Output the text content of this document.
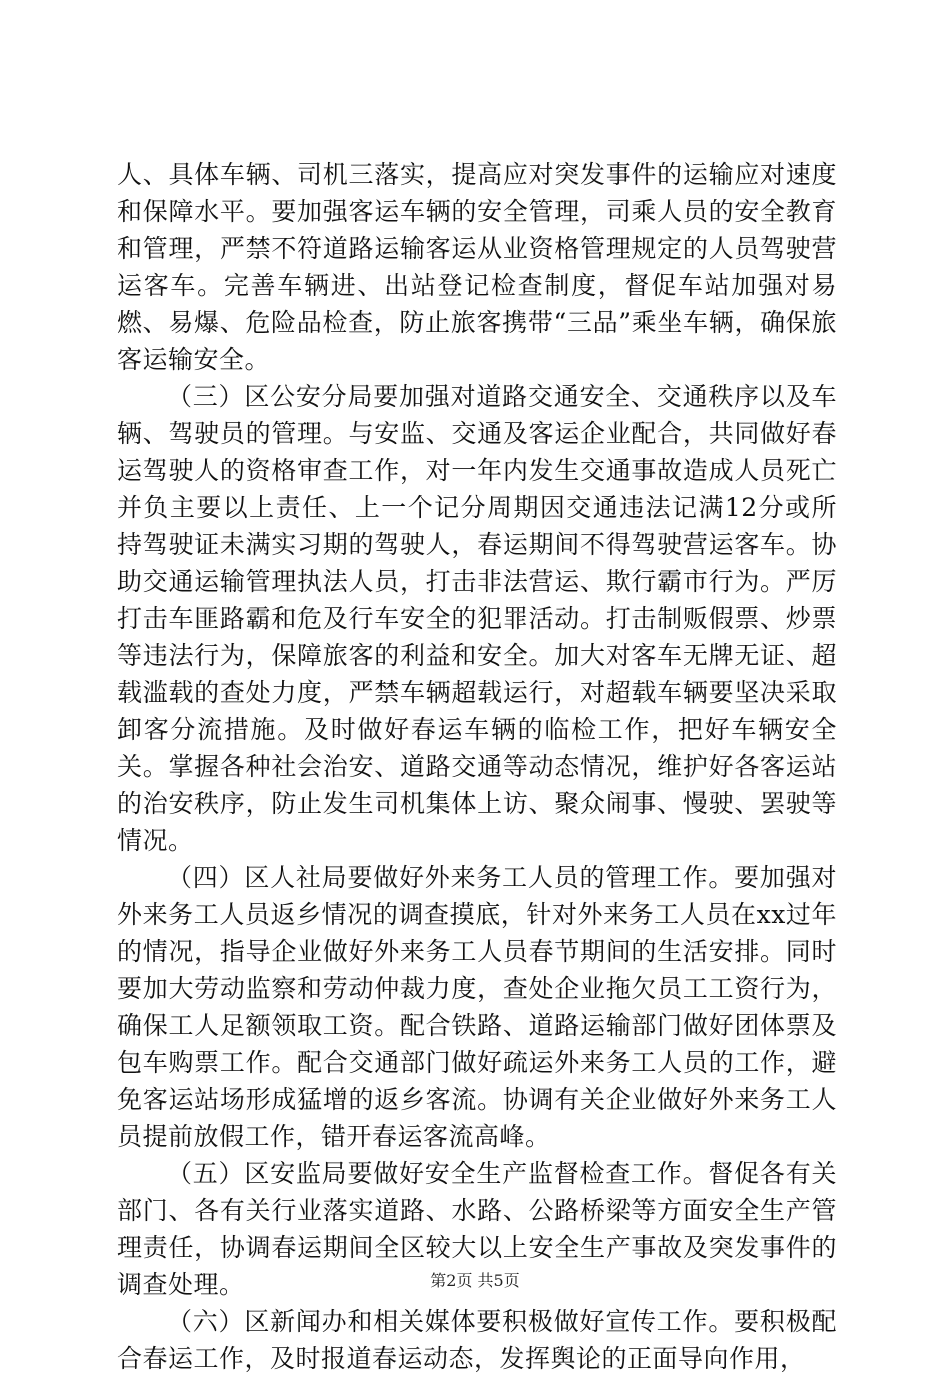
人、具体车辆、司机三落实，提高应对突发事件的运输应对速度和保障水平。要加强客运车辆的安全管理，司乘人员的安全教育和管理，严禁不符道路运输客运从业资格管理规定的人员驾驶营运客车。完善车辆进、出站登记检查制度，督促车站加强对易燃、易爆、危险品检查，防止旅客携带“三品”乘坐车辆，确保旅客运输安全。

（三）区公安分局要加强对道路交通安全、交通秩序以及车辆、驾驶员的管理。与安监、交通及客运企业配合，共同做好春运驾驶人的资格审查工作，对一年内发生交通事故造成人员死亡并负主要以上责任、上一个记分周期因交通违法记满12分或所持驾驶证未满实习期的驾驶人，春运期间不得驾驶营运客车。协助交通运输管理执法人员，打击非法营运、欺行霸市行为。严厉打击车匪路霸和危及行车安全的犯罪活动。打击制贩假票、炒票等违法行为，保障旅客的利益和安全。加大对客车无牌无证、超载滥载的查处力度，严禁车辆超载运行，对超载车辆要坚决采取卸客分流措施。及时做好春运车辆的临检工作，把好车辆安全关。掌握各种社会治安、道路交通等动态情况，维护好各客运站的治安秩序，防止发生司机集体上访、聚众闹事、慢驶、罢驶等情况。

（四）区人社局要做好外来务工人员的管理工作。要加强对外来务工人员返乡情况的调查摸底，针对外来务工人员在xx过年的情况，指导企业做好外来务工人员春节期间的生活安排。同时要加大劳动监察和劳动仲裁力度，查处企业拖欠员工工资行为，确保工人足额领取工资。配合铁路、道路运输部门做好团体票及包车购票工作。配合交通部门做好疏运外来务工人员的工作，避免客运站场形成猛增的返乡客流。协调有关企业做好外来务工人员提前放假工作，错开春运客流高峰。

（五）区安监局要做好安全生产监督检查工作。督促各有关部门、各有关行业落实道路、水路、公路桥梁等方面安全生产管理责任，协调春运期间全区较大以上安全生产事故及突发事件的调查处理。

（六）区新闻办和相关媒体要积极做好宣传工作。要积极配合春运工作，及时报道春运动态，发挥舆论的正面导向作用，

第2页 共5页
